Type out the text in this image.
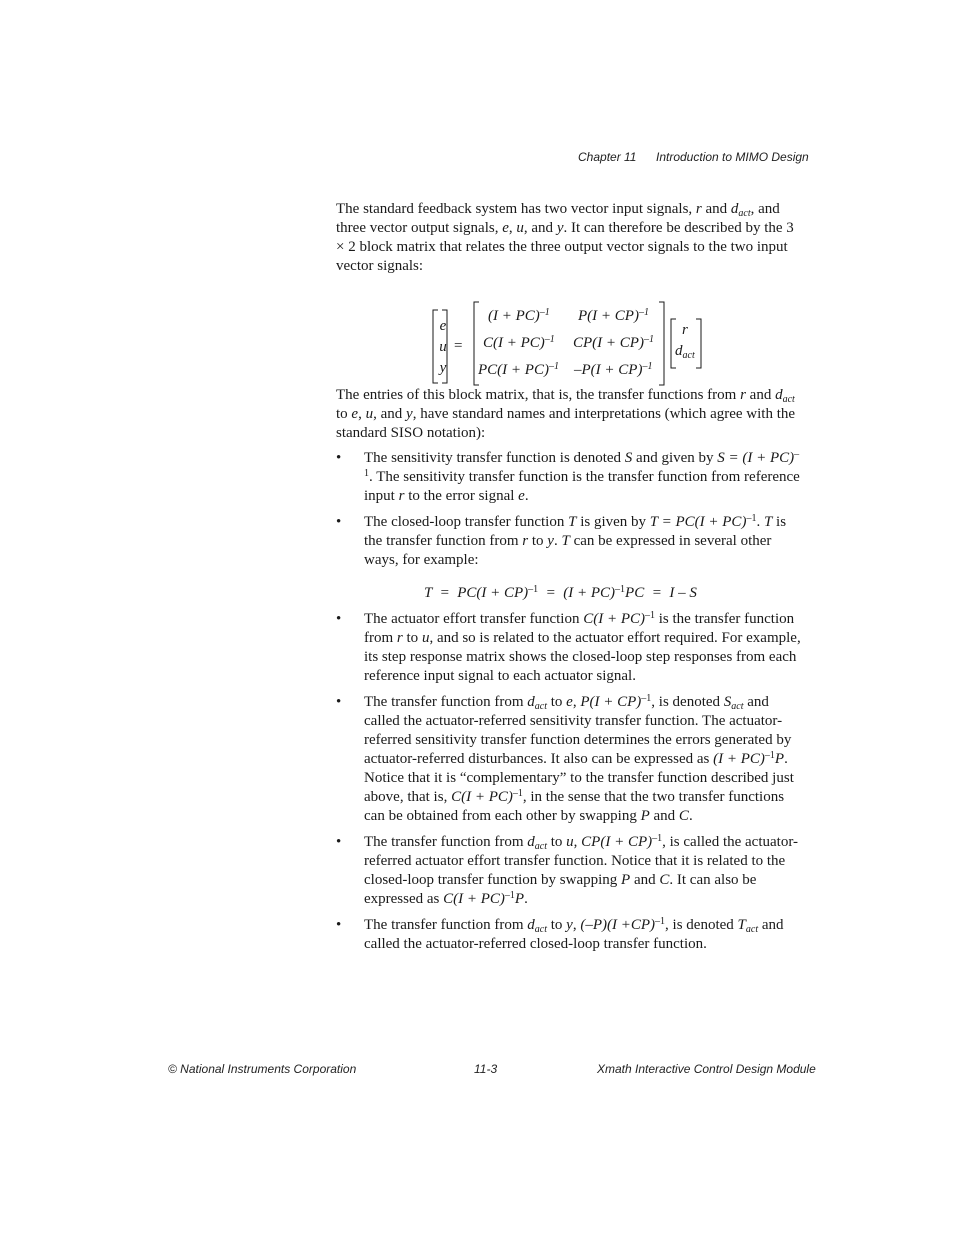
Chapter 11 Introduction to MIMO Design

The standard feedback system has two vector input signals, r and $d_{act}$, and three vector output signals, e, u, and y. It can therefore be described by the 3 × 2 block matrix that relates the three output vector signals to the two input vector signals:

e
u
y
=

The entries of this block matrix, that is, the transfer functions from r and $d_{act}$ to e, u, and y, have standard names and interpretations (which agree with the standard SISO notation):

• The sensitivity transfer function is denoted S and given by S = (I + PC)$^{-1}$. The sensitivity transfer function is the transfer function from reference input r to the error signal e.
• The closed-loop transfer function T is given by T = PC(I + PC)$^{-1}$. T is the transfer function from r to y. T can be expressed in several other ways, for example:
T  =  PC(I + CP)$^{-1}$  =  (I + PC)$^{-1}$PC  =  I – S
• The actuator effort transfer function C(I + PC)$^{-1}$ is the transfer function from r to u, and so is related to the actuator effort required. For example, its step response matrix shows the closed-loop step responses from each reference input signal to each actuator signal.
• The transfer function from $d_{act}$ to e, P(I + CP)$^{-1}$, is denoted $S_{act}$ and called the actuator-referred sensitivity transfer function. The actuator-referred sensitivity transfer function determines the errors generated by actuator-referred disturbances. It also can be expressed as (I + PC)$^{-1}$P. Notice that it is “complementary” to the transfer function described just above, that is, C(I + PC)$^{-1}$, in the sense that the two transfer functions can be obtained from each other by swapping P and C.
• The transfer function from $d_{act}$ to u, CP(I + CP)$^{-1}$, is called the actuator-referred actuator effort transfer function. Notice that it is related to the closed-loop transfer function by swapping P and C. It can also be expressed as C(I + PC)$^{-1}$P.
• The transfer function from $d_{act}$ to y, $(-P)(I +CP)^{-1}$, is denoted $T_{act}$ and called the actuator-referred closed-loop transfer function.
(I + PC)$^{-1}$ P(I + CP)$^{-1}$
C(I + PC)$^{-1}$ CP(I + CP)$^{-1}$
PC(I + PC)$^{-1}$ –P(I + CP)$^{-1}$
r
$d_{act}$
© National Instruments Corporation	11-3	Xmath Interactive Control Design Module
